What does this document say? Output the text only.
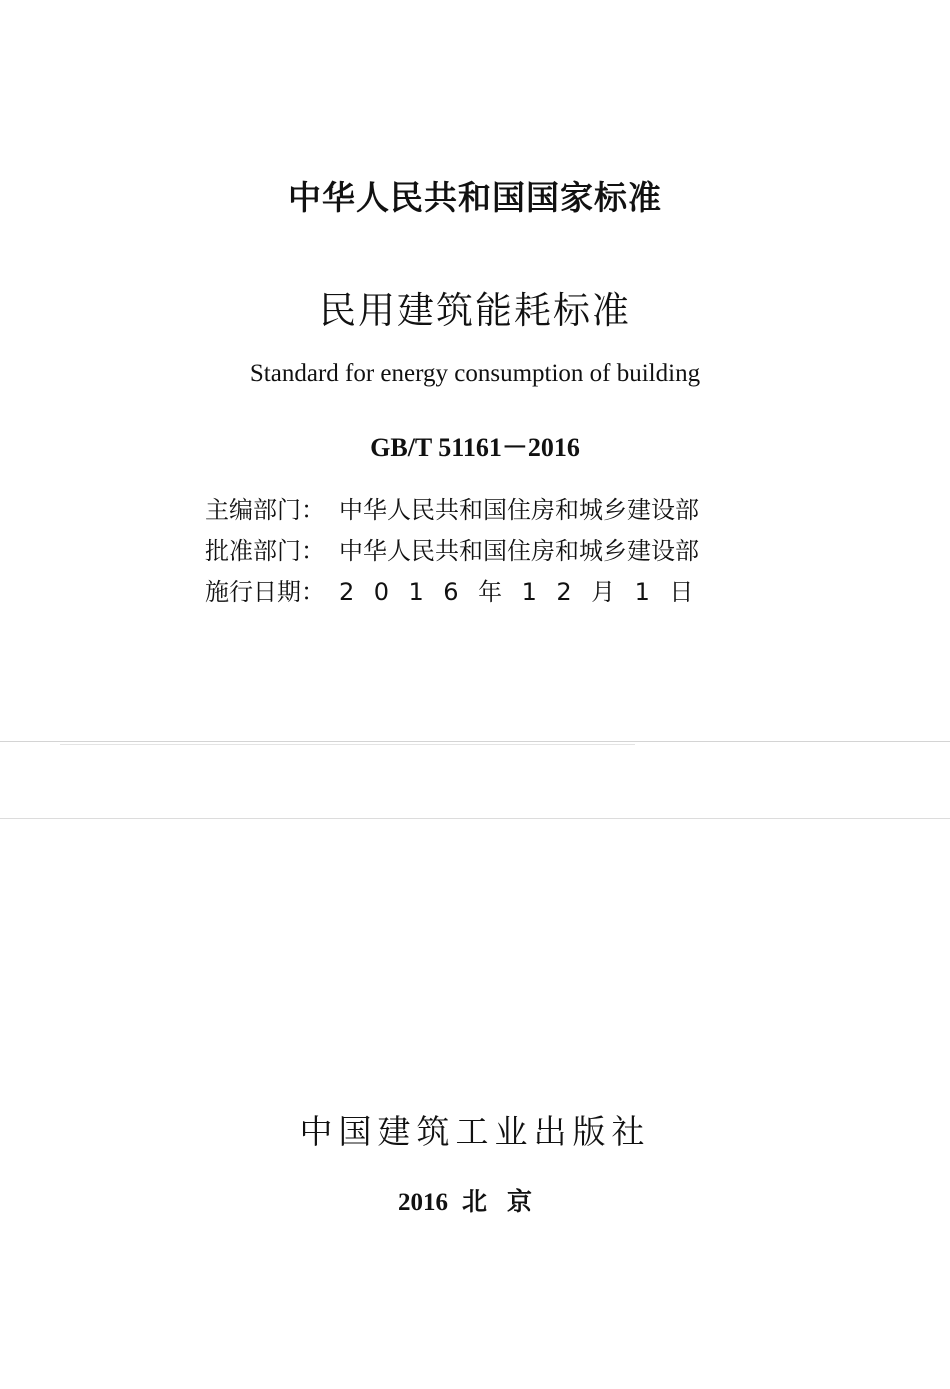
中华人民共和国国家标准
民用建筑能耗标准
Standard for energy consumption of building
GB/T 51161－2016
主编部门： 中华人民共和国住房和城乡建设部
批准部门： 中华人民共和国住房和城乡建设部
施行日期： 2016年12月1日
中国建筑工业出版社
2016 北京
